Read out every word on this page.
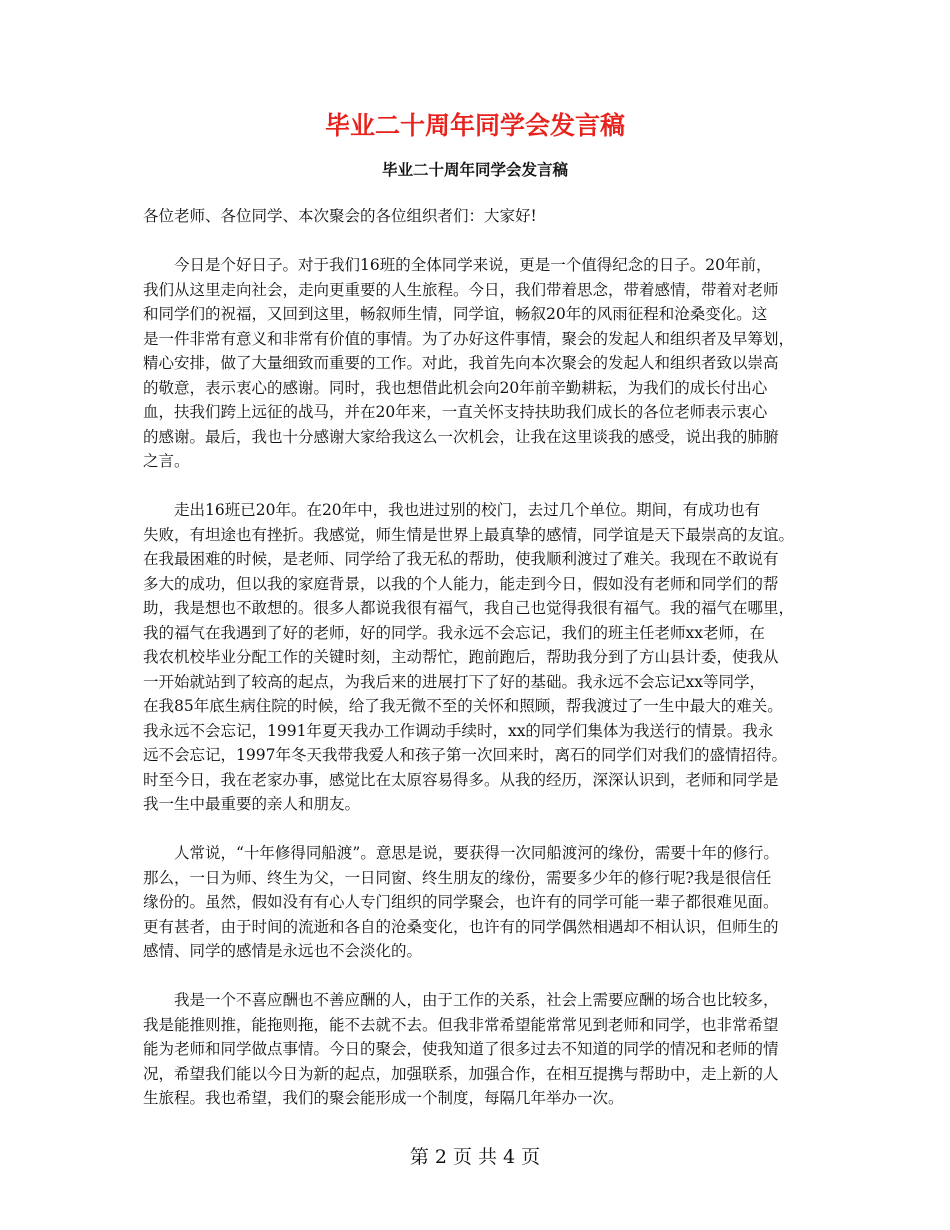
毕业二十周年同学会发言稿
毕业二十周年同学会发言稿

各位老师、各位同学、本次聚会的各位组织者们：大家好!

今日是个好日子。对于我们16班的全体同学来说，更是一个值得纪念的日子。20年前，
我们从这里走向社会，走向更重要的人生旅程。今日，我们带着思念，带着感情，带着对老师
和同学们的祝福，又回到这里，畅叙师生情，同学谊，畅叙20年的风雨征程和沧桑变化。这
是一件非常有意义和非常有价值的事情。为了办好这件事情，聚会的发起人和组织者及早筹划，
精心安排，做了大量细致而重要的工作。对此，我首先向本次聚会的发起人和组织者致以崇高
的敬意，表示衷心的感谢。同时，我也想借此机会向20年前辛勤耕耘，为我们的成长付出心
血，扶我们跨上远征的战马，并在20年来，一直关怀支持扶助我们成长的各位老师表示衷心
的感谢。最后，我也十分感谢大家给我这么一次机会，让我在这里谈我的感受，说出我的肺腑
之言。

走出16班已20年。在20年中，我也进过别的校门，去过几个单位。期间，有成功也有
失败，有坦途也有挫折。我感觉，师生情是世界上最真挚的感情，同学谊是天下最崇高的友谊。
在我最困难的时候，是老师、同学给了我无私的帮助，使我顺利渡过了难关。我现在不敢说有
多大的成功，但以我的家庭背景，以我的个人能力，能走到今日，假如没有老师和同学们的帮
助，我是想也不敢想的。很多人都说我很有福气，我自己也觉得我很有福气。我的福气在哪里，
我的福气在我遇到了好的老师，好的同学。我永远不会忘记，我们的班主任老师xx老师，在
我农机校毕业分配工作的关键时刻，主动帮忙，跑前跑后，帮助我分到了方山县计委，使我从
一开始就站到了较高的起点，为我后来的进展打下了好的基础。我永远不会忘记xx等同学，
在我85年底生病住院的时候，给了我无微不至的关怀和照顾，帮我渡过了一生中最大的难关。
我永远不会忘记，1991年夏天我办工作调动手续时，xx的同学们集体为我送行的情景。我永
远不会忘记，1997年冬天我带我爱人和孩子第一次回来时，离石的同学们对我们的盛情招待。
时至今日，我在老家办事，感觉比在太原容易得多。从我的经历，深深认识到，老师和同学是
我一生中最重要的亲人和朋友。

人常说，“十年修得同船渡”。意思是说，要获得一次同船渡河的缘份，需要十年的修行。
那么，一日为师、终生为父，一日同窗、终生朋友的缘份，需要多少年的修行呢?我是很信任
缘份的。虽然，假如没有有心人专门组织的同学聚会，也许有的同学可能一辈子都很难见面。
更有甚者，由于时间的流逝和各自的沧桑变化，也许有的同学偶然相遇却不相认识，但师生的
感情、同学的感情是永远也不会淡化的。

我是一个不喜应酬也不善应酬的人，由于工作的关系，社会上需要应酬的场合也比较多，
我是能推则推，能拖则拖，能不去就不去。但我非常希望能常常见到老师和同学，也非常希望
能为老师和同学做点事情。今日的聚会，使我知道了很多过去不知道的同学的情况和老师的情
况，希望我们能以今日为新的起点，加强联系，加强合作，在相互提携与帮助中，走上新的人
生旅程。我也希望，我们的聚会能形成一个制度，每隔几年举办一次。

第 2 页 共 4 页
